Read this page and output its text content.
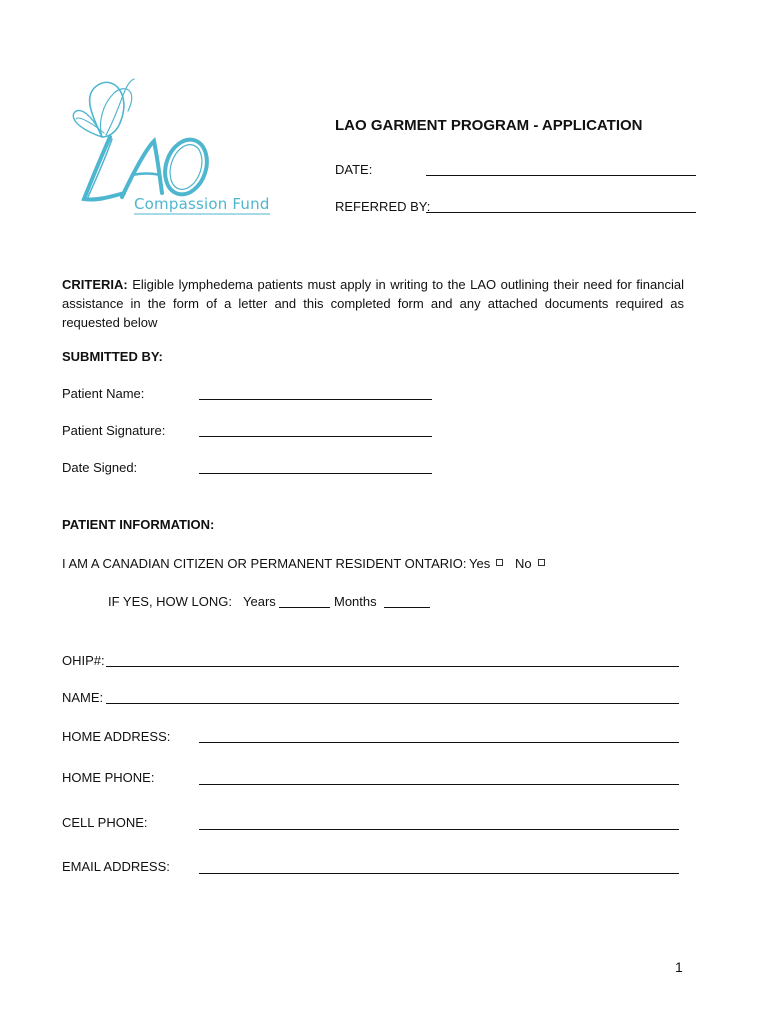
Compassion Fund
LAO GARMENT PROGRAM - APPLICATION
DATE:
REFERRED BY:
CRITERIA: Eligible lymphedema patients must apply in writing to the LAO outlining their need for financial assistance in the form of a letter and this completed form and any attached documents required as requested below
SUBMITTED BY:
Patient Name:
Patient Signature:
Date Signed:
PATIENT INFORMATION:
I AM A CANADIAN CITIZEN OR PERMANENT RESIDENT ONTARIO: Yes	No
IF YES, HOW LONG: Years	Months
OHIP#:
NAME:
HOME ADDRESS:
HOME PHONE:
CELL PHONE:
EMAIL ADDRESS:
1
